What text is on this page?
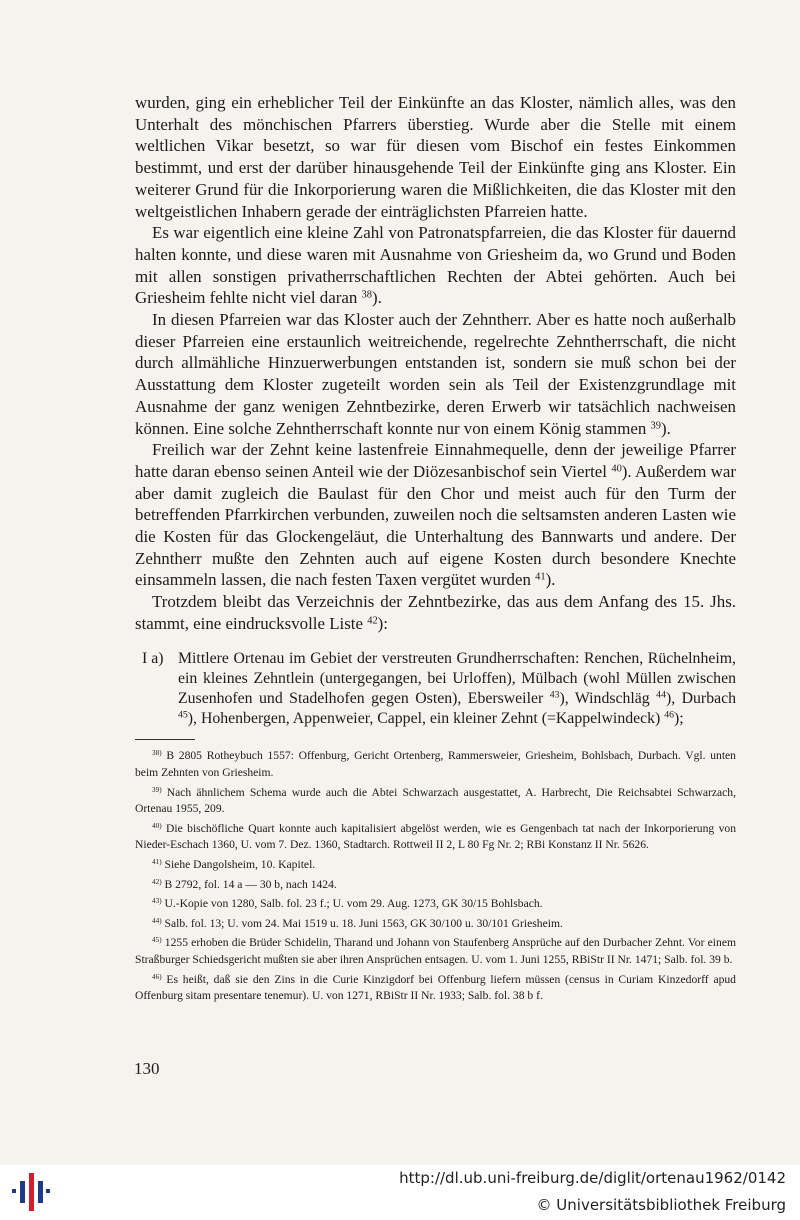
wurden, ging ein erheblicher Teil der Einkünfte an das Kloster, nämlich alles, was den Unterhalt des mönchischen Pfarrers überstieg. Wurde aber die Stelle mit einem weltlichen Vikar besetzt, so war für diesen vom Bischof ein festes Einkommen bestimmt, und erst der darüber hinausgehende Teil der Einkünfte ging ans Kloster. Ein weiterer Grund für die Inkorporierung waren die Mißlichkeiten, die das Kloster mit den weltgeistlichen Inhabern gerade der einträglichsten Pfarreien hatte.

Es war eigentlich eine kleine Zahl von Patronatspfarreien, die das Kloster für dauernd halten konnte, und diese waren mit Ausnahme von Griesheim da, wo Grund und Boden mit allen sonstigen privatherrschaftlichen Rechten der Abtei gehörten. Auch bei Griesheim fehlte nicht viel daran $^{38}$).

In diesen Pfarreien war das Kloster auch der Zehntherr. Aber es hatte noch außerhalb dieser Pfarreien eine erstaunlich weitreichende, regelrechte Zehntherrschaft, die nicht durch allmähliche Hinzuerwerbungen entstanden ist, sondern sie muß schon bei der Ausstattung dem Kloster zugeteilt worden sein als Teil der Existenzgrundlage mit Ausnahme der ganz wenigen Zehntbezirke, deren Erwerb wir tatsächlich nachweisen können. Eine solche Zehntherrschaft konnte nur von einem König stammen $^{39}$).

Freilich war der Zehnt keine lastenfreie Einnahmequelle, denn der jeweilige Pfarrer hatte daran ebenso seinen Anteil wie der Diözesanbischof sein Viertel $^{40}$). Außerdem war aber damit zugleich die Baulast für den Chor und meist auch für den Turm der betreffenden Pfarrkirchen verbunden, zuweilen noch die seltsamsten anderen Lasten wie die Kosten für das Glockengeläut, die Unterhaltung des Bannwarts und andere. Der Zehntherr mußte den Zehnten auch auf eigene Kosten durch besondere Knechte einsammeln lassen, die nach festen Taxen vergütet wurden $^{41}$).

Trotzdem bleibt das Verzeichnis der Zehntbezirke, das aus dem Anfang des 15. Jhs. stammt, eine eindrucksvolle Liste $^{42}$):

I a) Mittlere Ortenau im Gebiet der verstreuten Grundherrschaften: Renchen, Rüchelnheim, ein kleines Zehntlein (untergegangen, bei Urloffen), Mülbach (wohl Müllen zwischen Zusenhofen und Stadelhofen gegen Osten), Ebersweiler $^{43}$), Windschläg $^{44}$), Durbach $^{45}$), Hohenbergen, Appenweier, Cappel, ein kleiner Zehnt (=Kappelwindeck) $^{46}$);

$^{38)}$ B 2805 Rotheybuch 1557: Offenburg, Gericht Ortenberg, Rammersweier, Griesheim, Bohlsbach, Durbach. Vgl. unten beim Zehnten von Griesheim.

$^{39)}$ Nach ähnlichem Schema wurde auch die Abtei Schwarzach ausgestattet, A. Harbrecht, Die Reichsabtei Schwarzach, Ortenau 1955, 209.

$^{40)}$ Die bischöfliche Quart konnte auch kapitalisiert abgelöst werden, wie es Gengenbach tat nach der Inkorporierung von Nieder-Eschach 1360, U. vom 7. Dez. 1360, Stadtarch. Rottweil II 2, L 80 Fg Nr. 2; RBi Konstanz II Nr. 5626.

$^{41)}$ Siehe Dangolsheim, 10. Kapitel.

$^{42)}$ B 2792, fol. 14 a — 30 b, nach 1424.

$^{43)}$ U.-Kopie von 1280, Salb. fol. 23 f.; U. vom 29. Aug. 1273, GK 30/15 Bohlsbach.

$^{44)}$ Salb. fol. 13; U. vom 24. Mai 1519 u. 18. Juni 1563, GK 30/100 u. 30/101 Griesheim.

$^{45)}$ 1255 erhoben die Brüder Schidelin, Tharand und Johann von Staufenberg Ansprüche auf den Durbacher Zehnt. Vor einem Straßburger Schiedsgericht mußten sie aber ihren Ansprüchen entsagen. U. vom 1. Juni 1255, RBiStr II Nr. 1471; Salb. fol. 39 b.

$^{46)}$ Es heißt, daß sie den Zins in die Curie Kinzigdorf bei Offenburg liefern müssen (census in Curiam Kinzedorff apud Offenburg sitam presentare tenemur). U. von 1271, RBiStr II Nr. 1933; Salb. fol. 38 b f.

130
http://dl.ub.uni-freiburg.de/diglit/ortenau1962/0142
© Universitätsbibliothek Freiburg
